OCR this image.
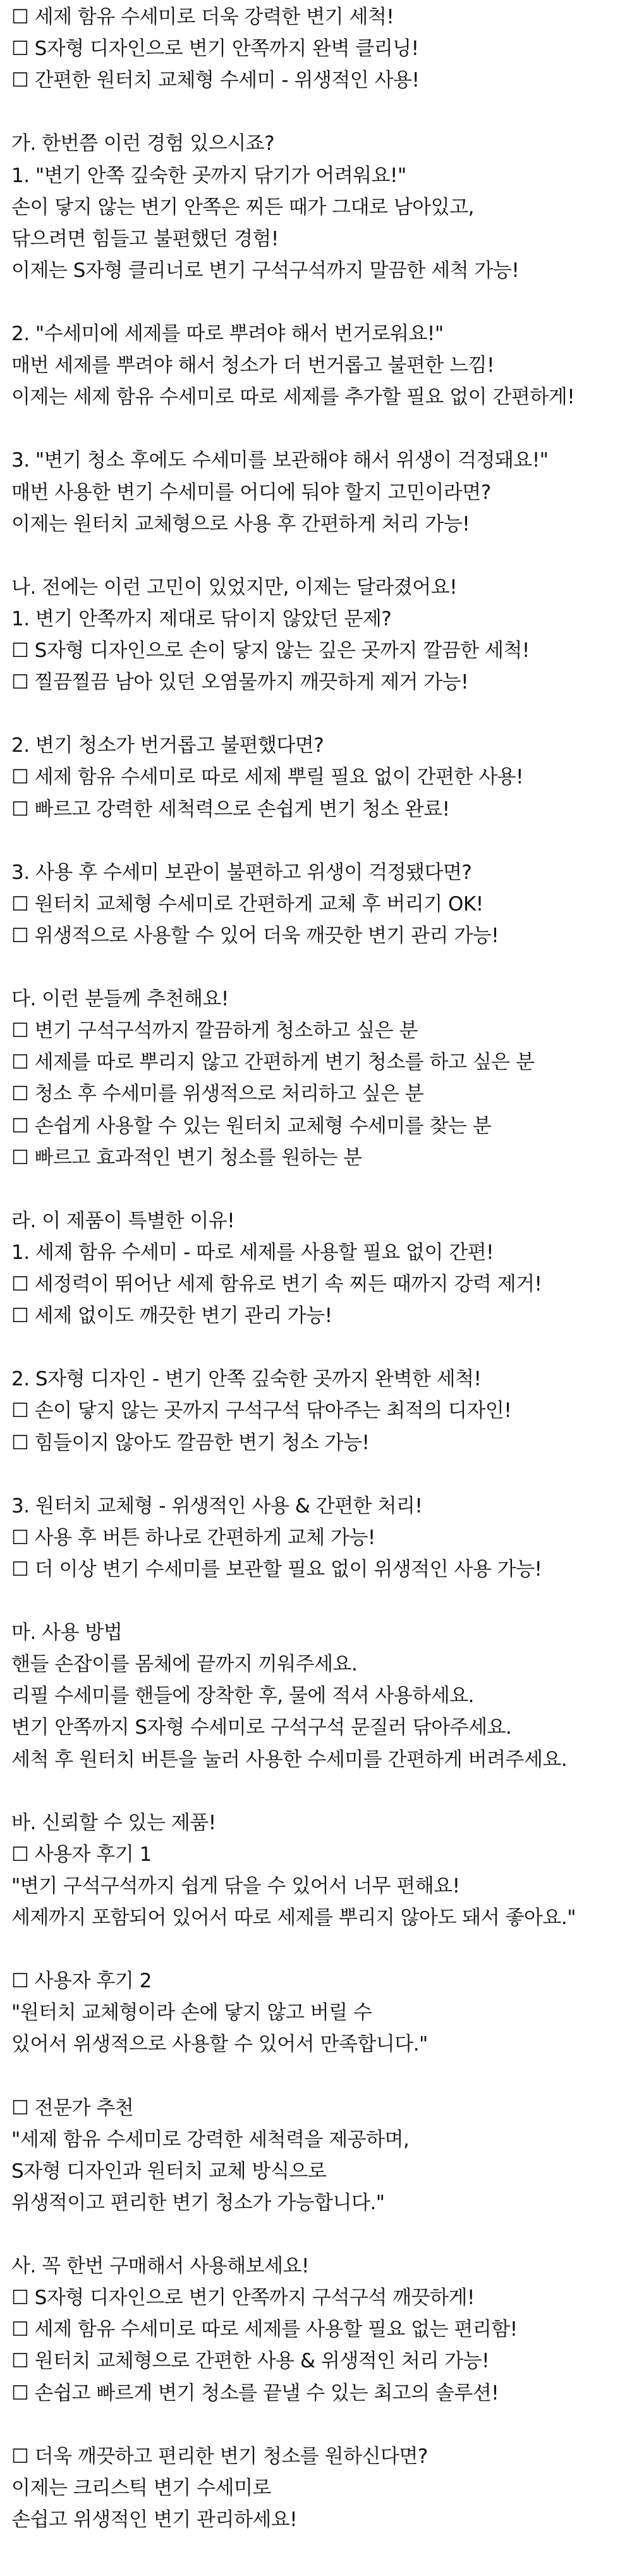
☐ 세제 함유 수세미로 더욱 강력한 변기 세척!
☐ S자형 디자인으로 변기 안쪽까지 완벽 클리닝!
☐ 간편한 원터치 교체형 수세미 - 위생적인 사용!
가. 한번쯤 이런 경험 있으시죠?
1. "변기 안쪽 깊숙한 곳까지 닦기가 어려워요!"
손이 닿지 않는 변기 안쪽은 찌든 때가 그대로 남아있고,
닦으려면 힘들고 불편했던 경험!
이제는 S자형 클리너로 변기 구석구석까지 말끔한 세척 가능!
2. "수세미에 세제를 따로 뿌려야 해서 번거로워요!"
매번 세제를 뿌려야 해서 청소가 더 번거롭고 불편한 느낌!
이제는 세제 함유 수세미로 따로 세제를 추가할 필요 없이 간편하게!
3. "변기 청소 후에도 수세미를 보관해야 해서 위생이 걱정돼요!"
매번 사용한 변기 수세미를 어디에 둬야 할지 고민이라면?
이제는 원터치 교체형으로 사용 후 간편하게 처리 가능!
나. 전에는 이런 고민이 있었지만, 이제는 달라졌어요!
1. 변기 안쪽까지 제대로 닦이지 않았던 문제?
☐ S자형 디자인으로 손이 닿지 않는 깊은 곳까지 깔끔한 세척!
☐ 찔끔찔끔 남아 있던 오염물까지 깨끗하게 제거 가능!
2. 변기 청소가 번거롭고 불편했다면?
☐ 세제 함유 수세미로 따로 세제 뿌릴 필요 없이 간편한 사용!
☐ 빠르고 강력한 세척력으로 손쉽게 변기 청소 완료!
3. 사용 후 수세미 보관이 불편하고 위생이 걱정됐다면?
☐ 원터치 교체형 수세미로 간편하게 교체 후 버리기 OK!
☐ 위생적으로 사용할 수 있어 더욱 깨끗한 변기 관리 가능!
다. 이런 분들께 추천해요!
☐ 변기 구석구석까지 깔끔하게 청소하고 싶은 분
☐ 세제를 따로 뿌리지 않고 간편하게 변기 청소를 하고 싶은 분
☐ 청소 후 수세미를 위생적으로 처리하고 싶은 분
☐ 손쉽게 사용할 수 있는 원터치 교체형 수세미를 찾는 분
☐ 빠르고 효과적인 변기 청소를 원하는 분
라. 이 제품이 특별한 이유!
1. 세제 함유 수세미 - 따로 세제를 사용할 필요 없이 간편!
☐ 세정력이 뛰어난 세제 함유로 변기 속 찌든 때까지 강력 제거!
☐ 세제 없이도 깨끗한 변기 관리 가능!
2. S자형 디자인 - 변기 안쪽 깊숙한 곳까지 완벽한 세척!
☐ 손이 닿지 않는 곳까지 구석구석 닦아주는 최적의 디자인!
☐ 힘들이지 않아도 깔끔한 변기 청소 가능!
3. 원터치 교체형 - 위생적인 사용 & 간편한 처리!
☐ 사용 후 버튼 하나로 간편하게 교체 가능!
☐ 더 이상 변기 수세미를 보관할 필요 없이 위생적인 사용 가능!
마. 사용 방법
핸들 손잡이를 몸체에 끝까지 끼워주세요.
리필 수세미를 핸들에 장착한 후, 물에 적셔 사용하세요.
변기 안쪽까지 S자형 수세미로 구석구석 문질러 닦아주세요.
세척 후 원터치 버튼을 눌러 사용한 수세미를 간편하게 버려주세요.
바. 신뢰할 수 있는 제품!
☐ 사용자 후기 1
"변기 구석구석까지 쉽게 닦을 수 있어서 너무 편해요!
세제까지 포함되어 있어서 따로 세제를 뿌리지 않아도 돼서 좋아요."
☐ 사용자 후기 2
"원터치 교체형이라 손에 닿지 않고 버릴 수
있어서 위생적으로 사용할 수 있어서 만족합니다."
☐ 전문가 추천
"세제 함유 수세미로 강력한 세척력을 제공하며,
S자형 디자인과 원터치 교체 방식으로
위생적이고 편리한 변기 청소가 가능합니다."
사. 꼭 한번 구매해서 사용해보세요!
☐ S자형 디자인으로 변기 안쪽까지 구석구석 깨끗하게!
☐ 세제 함유 수세미로 따로 세제를 사용할 필요 없는 편리함!
☐ 원터치 교체형으로 간편한 사용 & 위생적인 처리 가능!
☐ 손쉽고 빠르게 변기 청소를 끝낼 수 있는 최고의 솔루션!
☐ 더욱 깨끗하고 편리한 변기 청소를 원하신다면?
이제는 크리스틱 변기 수세미로
손쉽고 위생적인 변기 관리하세요!
